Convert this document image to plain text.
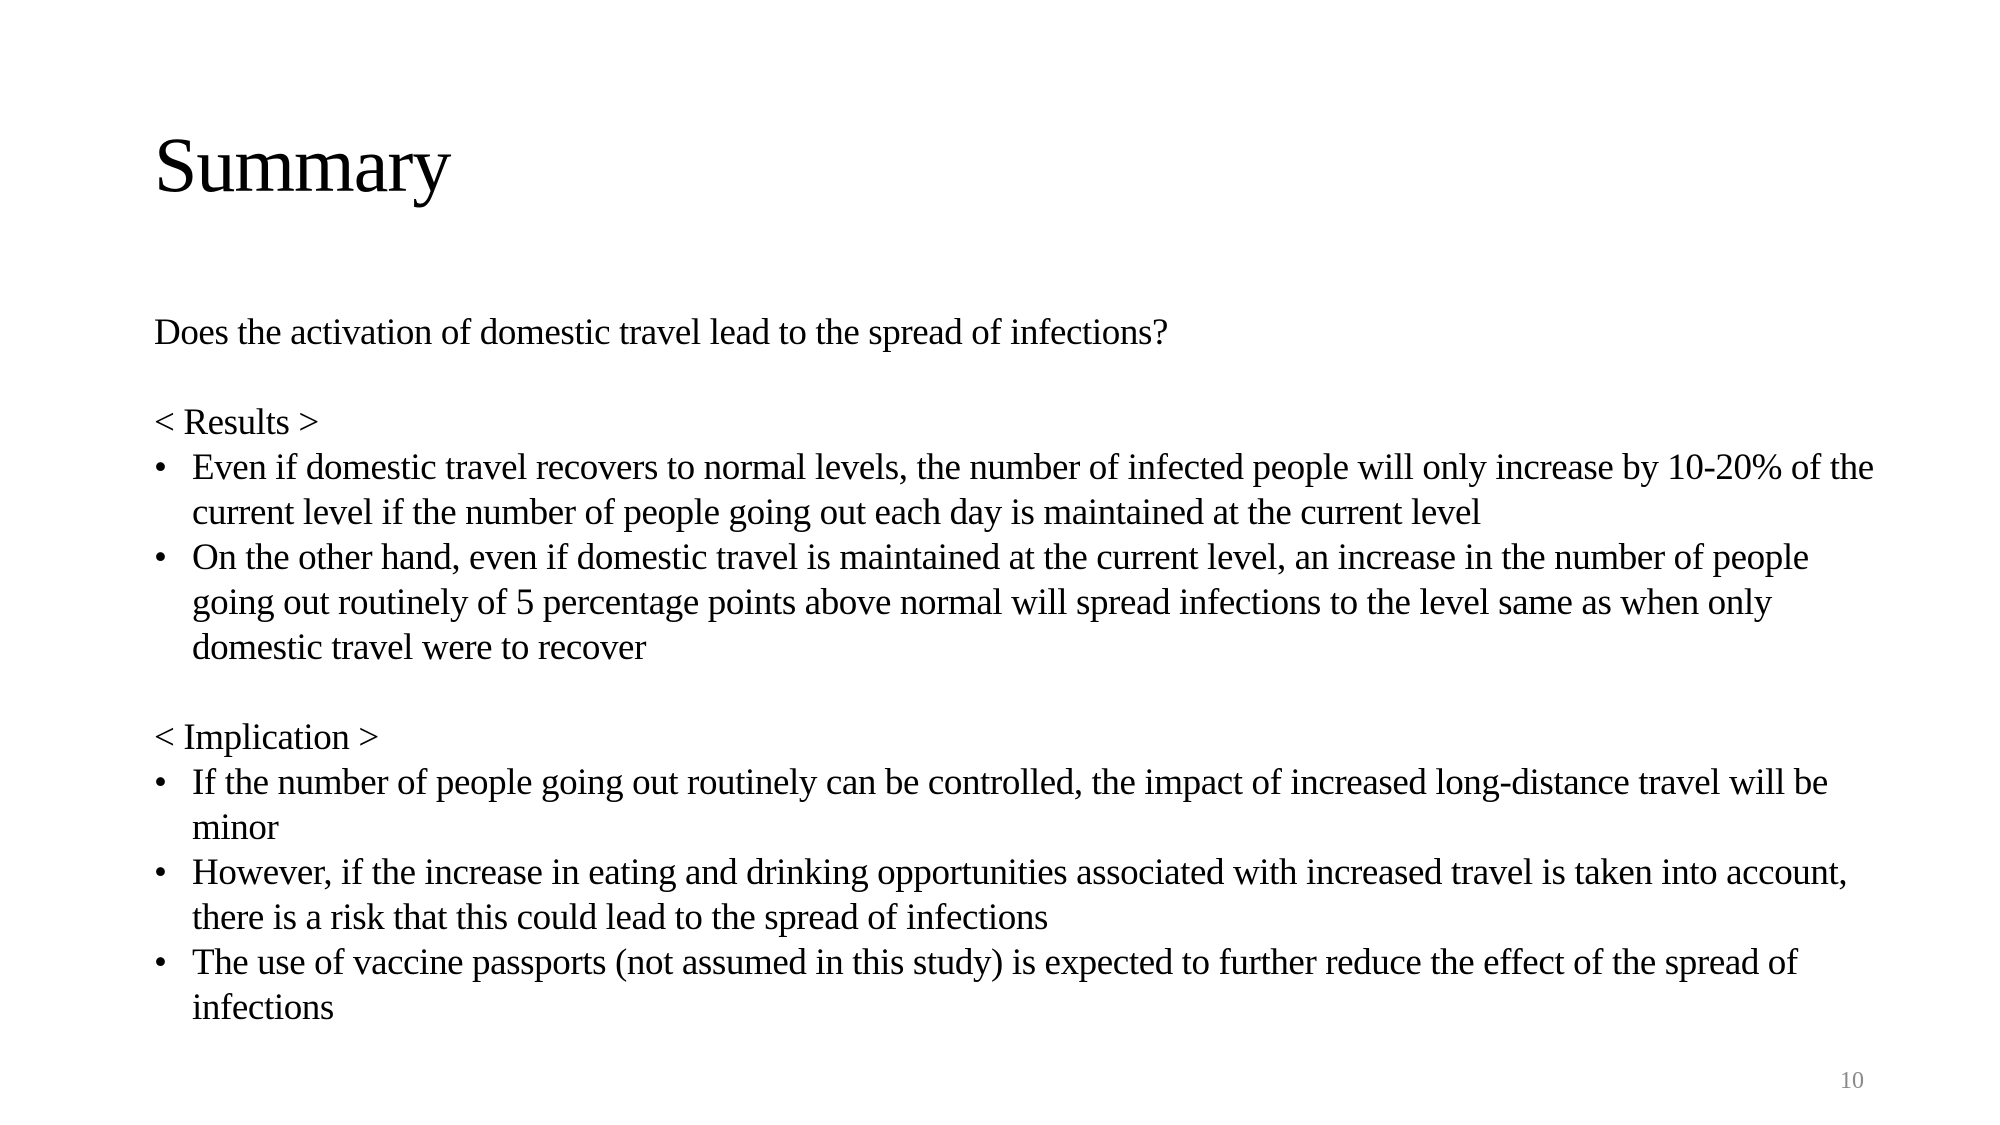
Summary

Does the activation of domestic travel lead to the spread of infections?

< Results >

• Even if domestic travel recovers to normal levels, the number of infected people will only increase by 10-20% of the current level if the number of people going out each day is maintained at the current level
• On the other hand, even if domestic travel is maintained at the current level, an increase in the number of people going out routinely of 5 percentage points above normal will spread infections to the level same as when only domestic travel were to recover

< Implication >

• If the number of people going out routinely can be controlled, the impact of increased long-distance travel will be minor
• However, if the increase in eating and drinking opportunities associated with increased travel is taken into account, there is a risk that this could lead to the spread of infections
• The use of vaccine passports (not assumed in this study) is expected to further reduce the effect of the spread of infections
10
